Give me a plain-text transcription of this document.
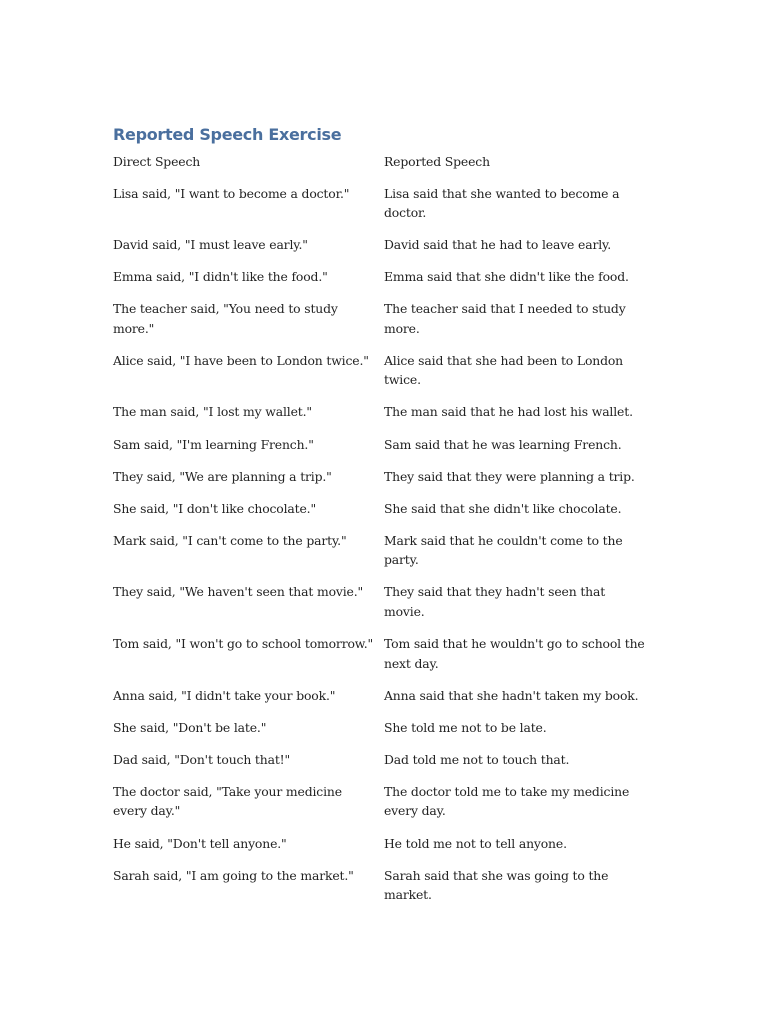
Reported Speech Exercise
Direct Speech	Reported Speech
Lisa said, "I want to become a doctor."	Lisa said that she wanted to become a doctor.
David said, "I must leave early."	David said that he had to leave early.
Emma said, "I didn't like the food."	Emma said that she didn't like the food.
The teacher said, "You need to study more."	The teacher said that I needed to study more.
Alice said, "I have been to London twice."	Alice said that she had been to London twice.
The man said, "I lost my wallet."	The man said that he had lost his wallet.
Sam said, "I'm learning French."	Sam said that he was learning French.
They said, "We are planning a trip."	They said that they were planning a trip.
She said, "I don't like chocolate."	She said that she didn't like chocolate.
Mark said, "I can't come to the party."	Mark said that he couldn't come to the party.
They said, "We haven't seen that movie."	They said that they hadn't seen that movie.
Tom said, "I won't go to school tomorrow."	Tom said that he wouldn't go to school the next day.
Anna said, "I didn't take your book."	Anna said that she hadn't taken my book.
She said, "Don't be late."	She told me not to be late.
Dad said, "Don't touch that!"	Dad told me not to touch that.
The doctor said, "Take your medicine every day."	The doctor told me to take my medicine every day.
He said, "Don't tell anyone."	He told me not to tell anyone.
Sarah said, "I am going to the market."	Sarah said that she was going to the market.
